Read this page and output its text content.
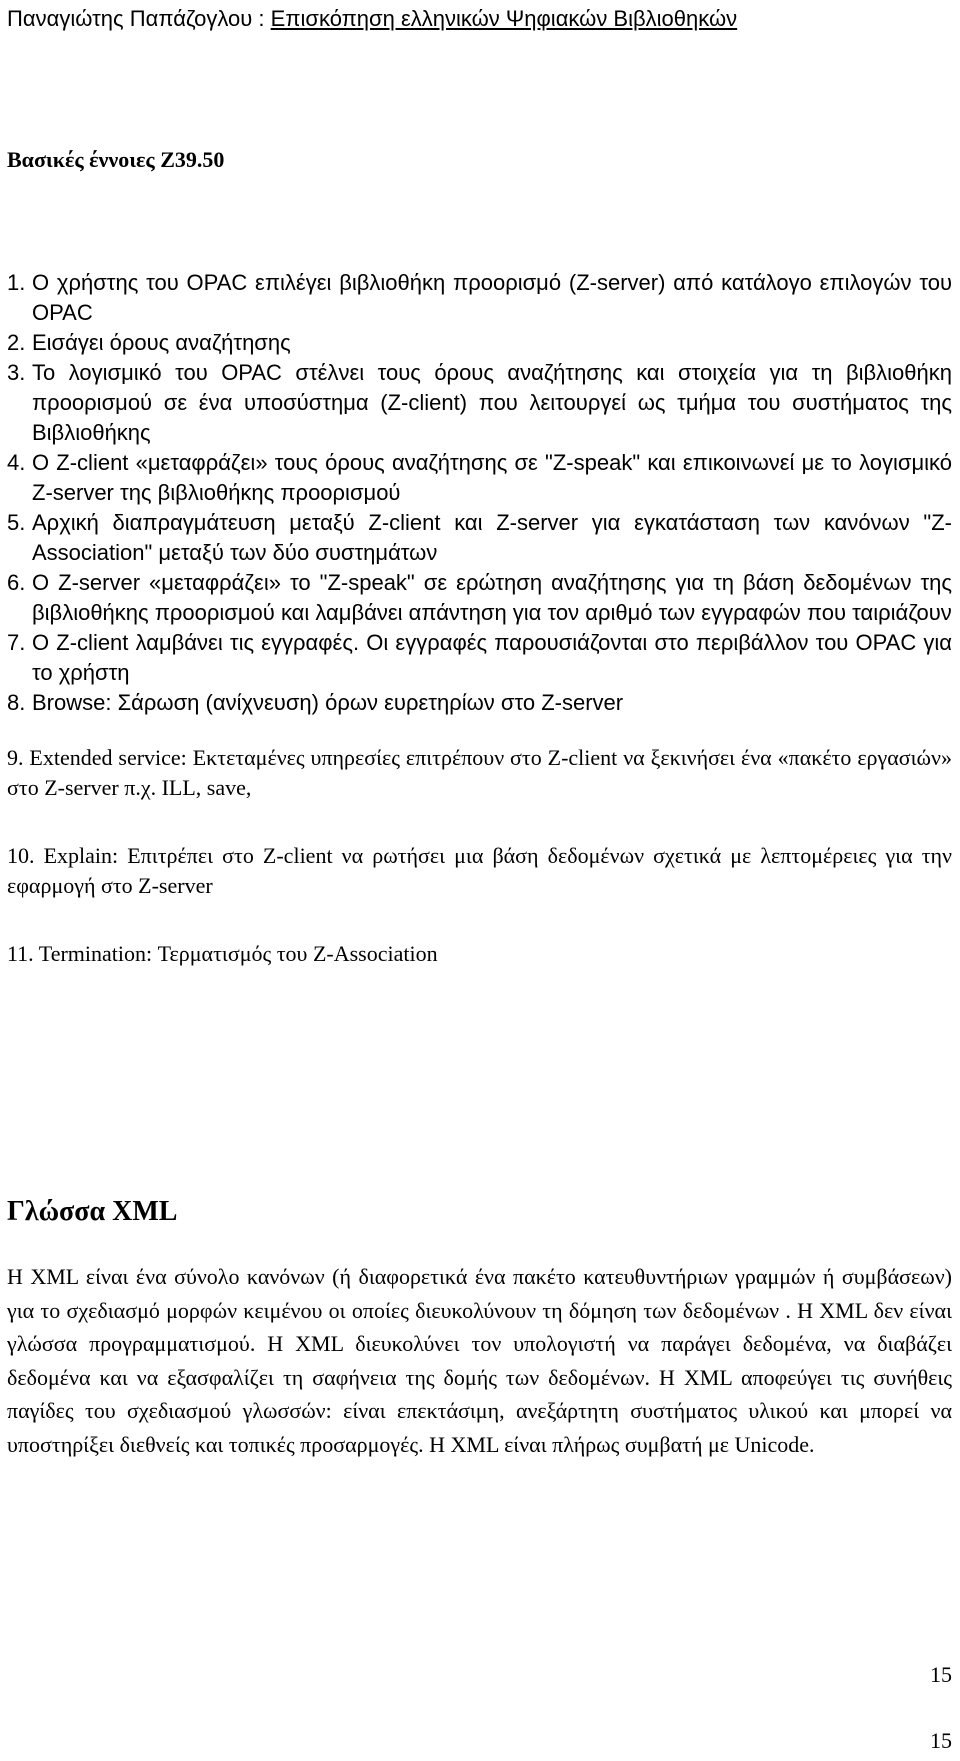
Παναγιώτης Παπάζογλου : Επισκόπηση ελληνικών Ψηφιακών Βιβλιοθηκών
Βασικές έννοιες Z39.50
1. Ο χρήστης του OPAC επιλέγει βιβλιοθήκη προορισμό (Z-server) από κατάλογο επιλογών του OPAC
2. Εισάγει όρους αναζήτησης
3. Το λογισμικό του OPAC στέλνει τους όρους αναζήτησης και στοιχεία για τη βιβλιοθήκη προορισμού σε ένα υποσύστημα (Z-client) που λειτουργεί ως τμήμα του συστήματος της Βιβλιοθήκης
4. Ο Z-client «μεταφράζει» τους όρους αναζήτησης σε "Z-speak" και επικοινωνεί με το λογισμικό Z-server της βιβλιοθήκης προορισμού
5. Αρχική διαπραγμάτευση μεταξύ Z-client και Z-server για εγκατάσταση των κανόνων "Z-Association" μεταξύ των δύο συστημάτων
6. Ο Z-server «μεταφράζει» το "Z-speak" σε ερώτηση αναζήτησης για τη βάση δεδομένων της βιβλιοθήκης προορισμού και λαμβάνει απάντηση για τον αριθμό των εγγραφών που ταιριάζουν
7. Ο Z-client λαμβάνει τις εγγραφές. Οι εγγραφές παρουσιάζονται στο περιβάλλον του OPAC για το χρήστη
8. Browse: Σάρωση (ανίχνευση) όρων ευρετηρίων στο Z-server
9. Extended service: Εκτεταμένες υπηρεσίες επιτρέπουν στο Z-client να ξεκινήσει ένα «πακέτο εργασιών» στο Z-server π.χ. ILL, save,
10. Explain: Επιτρέπει στο Z-client να ρωτήσει μια βάση δεδομένων σχετικά με λεπτομέρειες για την εφαρμογή στο Z-server
11. Termination: Τερματισμός του Z-Association
Γλώσσα XML

Η XML είναι ένα σύνολο κανόνων (ή διαφορετικά ένα πακέτο κατευθυντήριων γραμμών ή συμβάσεων) για το σχεδιασμό μορφών κειμένου οι οποίες διευκολύνουν τη δόμηση των δεδομένων . Η XML δεν είναι γλώσσα προγραμματισμού. Η XML διευκολύνει τον υπολογιστή να παράγει δεδομένα, να διαβάζει δεδομένα και να εξασφαλίζει τη σαφήνεια της δομής των δεδομένων. Η XML αποφεύγει τις συνήθεις παγίδες του σχεδιασμού γλωσσών: είναι επεκτάσιμη, ανεξάρτητη συστήματος υλικού και μπορεί να υποστηρίξει διεθνείς και τοπικές προσαρμογές. Η XML είναι πλήρως συμβατή με Unicode.

15
15
